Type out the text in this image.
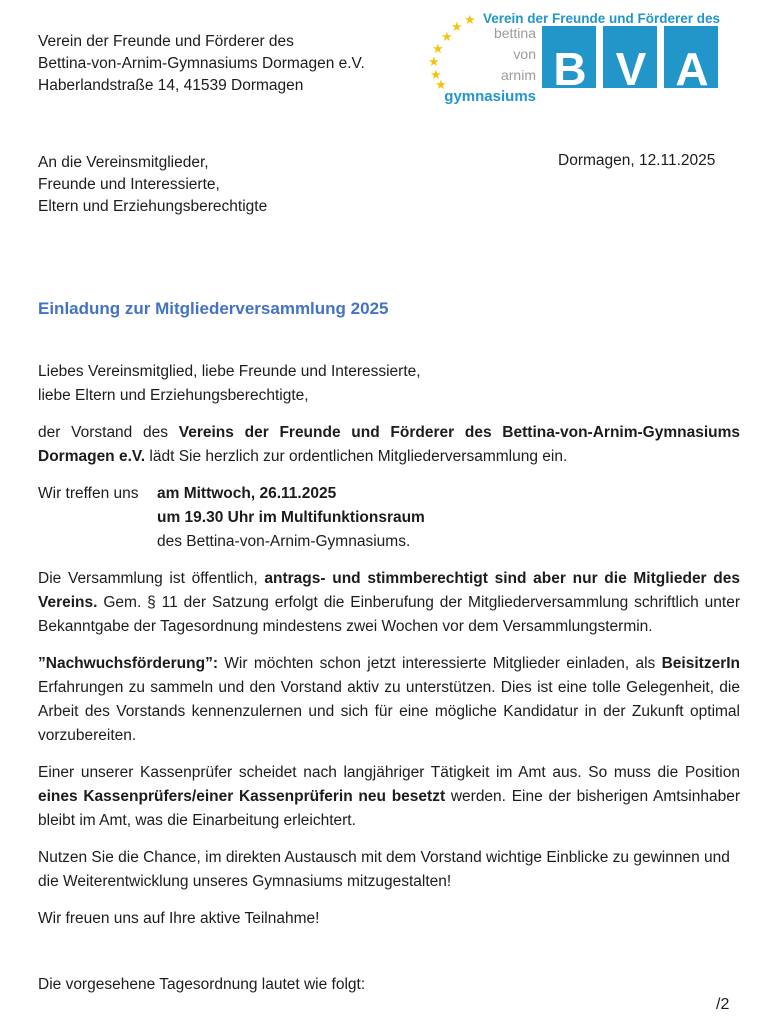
Verein der Freunde und Förderer des
Bettina-von-Arnim-Gymnasiums Dormagen e.V.
Haberlandstraße 14, 41539 Dormagen
Verein der Freunde und Förderer des
★
★
★
★
★
★
★
bettina
von
arnim
gymnasiums
B V A
An die Vereinsmitglieder,
Freunde und Interessierte,
Eltern und Erziehungsberechtigte
Dormagen, 12.11.2025
Einladung zur Mitgliederversammlung 2025

Liebes Vereinsmitglied, liebe Freunde und Interessierte,
liebe Eltern und Erziehungsberechtigte,

der Vorstand des Vereins der Freunde und Förderer des Bettina-von-Arnim-Gymnasiums Dormagen e.V. lädt Sie herzlich zur ordentlichen Mitgliederversammlung ein.

Wir treffen uns	am Mittwoch, 26.11.2025
um 19.30 Uhr im Multifunktionsraum
des Bettina-von-Arnim-Gymnasiums.

Die Versammlung ist öffentlich, antrags- und stimmberechtigt sind aber nur die Mitglieder des Vereins. Gem. § 11 der Satzung erfolgt die Einberufung der Mitgliederversammlung schriftlich unter Bekanntgabe der Tagesordnung mindestens zwei Wochen vor dem Versammlungstermin.

”Nachwuchsförderung”: Wir möchten schon jetzt interessierte Mitglieder einladen, als BeisitzerIn Erfahrungen zu sammeln und den Vorstand aktiv zu unterstützen. Dies ist eine tolle Gelegenheit, die Arbeit des Vorstands kennenzulernen und sich für eine mögliche Kandidatur in der Zukunft optimal vorzubereiten.

Einer unserer Kassenprüfer scheidet nach langjähriger Tätigkeit im Amt aus. So muss die Position eines Kassenprüfers/einer Kassenprüferin neu besetzt werden. Eine der bisherigen Amtsinhaber bleibt im Amt, was die Einarbeitung erleichtert.

Nutzen Sie die Chance, im direkten Austausch mit dem Vorstand wichtige Einblicke zu gewinnen und die Weiterentwicklung unseres Gymnasiums mitzugestalten!

Wir freuen uns auf Ihre aktive Teilnahme!

Die vorgesehene Tagesordnung lautet wie folgt:

/2
